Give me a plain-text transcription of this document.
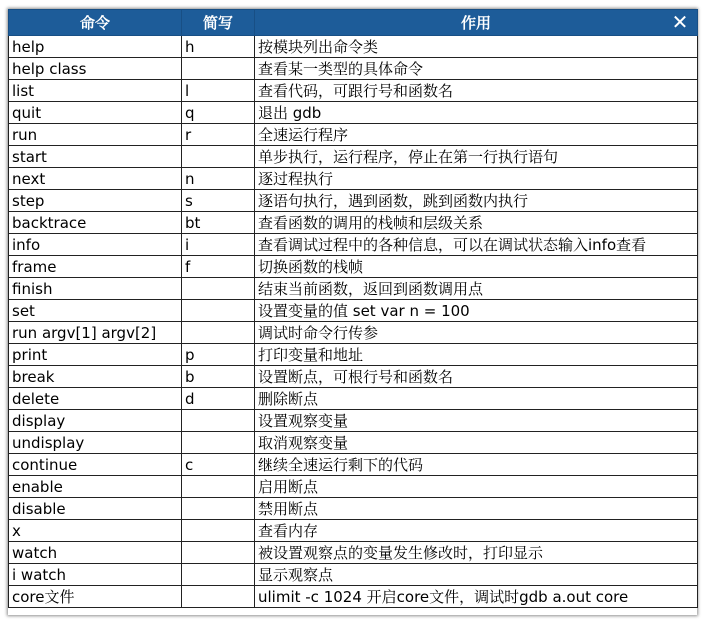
命令	简写	作用 ✕

help	h	按模块列出命令类
help class		查看某一类型的具体命令
list	l	查看代码，可跟行号和函数名
quit	q	退出 gdb
run	r	全速运行程序
start		单步执行，运行程序，停止在第一行执行语句
next	n	逐过程执行
step	s	逐语句执行，遇到函数，跳到函数内执行
backtrace	bt	查看函数的调用的栈帧和层级关系
info	i	查看调试过程中的各种信息，可以在调试状态输入info查看
frame	f	切换函数的栈帧
finish		结束当前函数，返回到函数调用点
set		设置变量的值 set var n = 100
run argv[1] argv[2]		调试时命令行传参
print	p	打印变量和地址
break	b	设置断点，可根行号和函数名
delete	d	删除断点
display		设置观察变量
undisplay		取消观察变量
continue	c	继续全速运行剩下的代码
enable		启用断点
disable		禁用断点
x		查看内存
watch		被设置观察点的变量发生修改时，打印显示
i watch		显示观察点
core文件		ulimit -c 1024 开启core文件，调试时gdb a.out core
